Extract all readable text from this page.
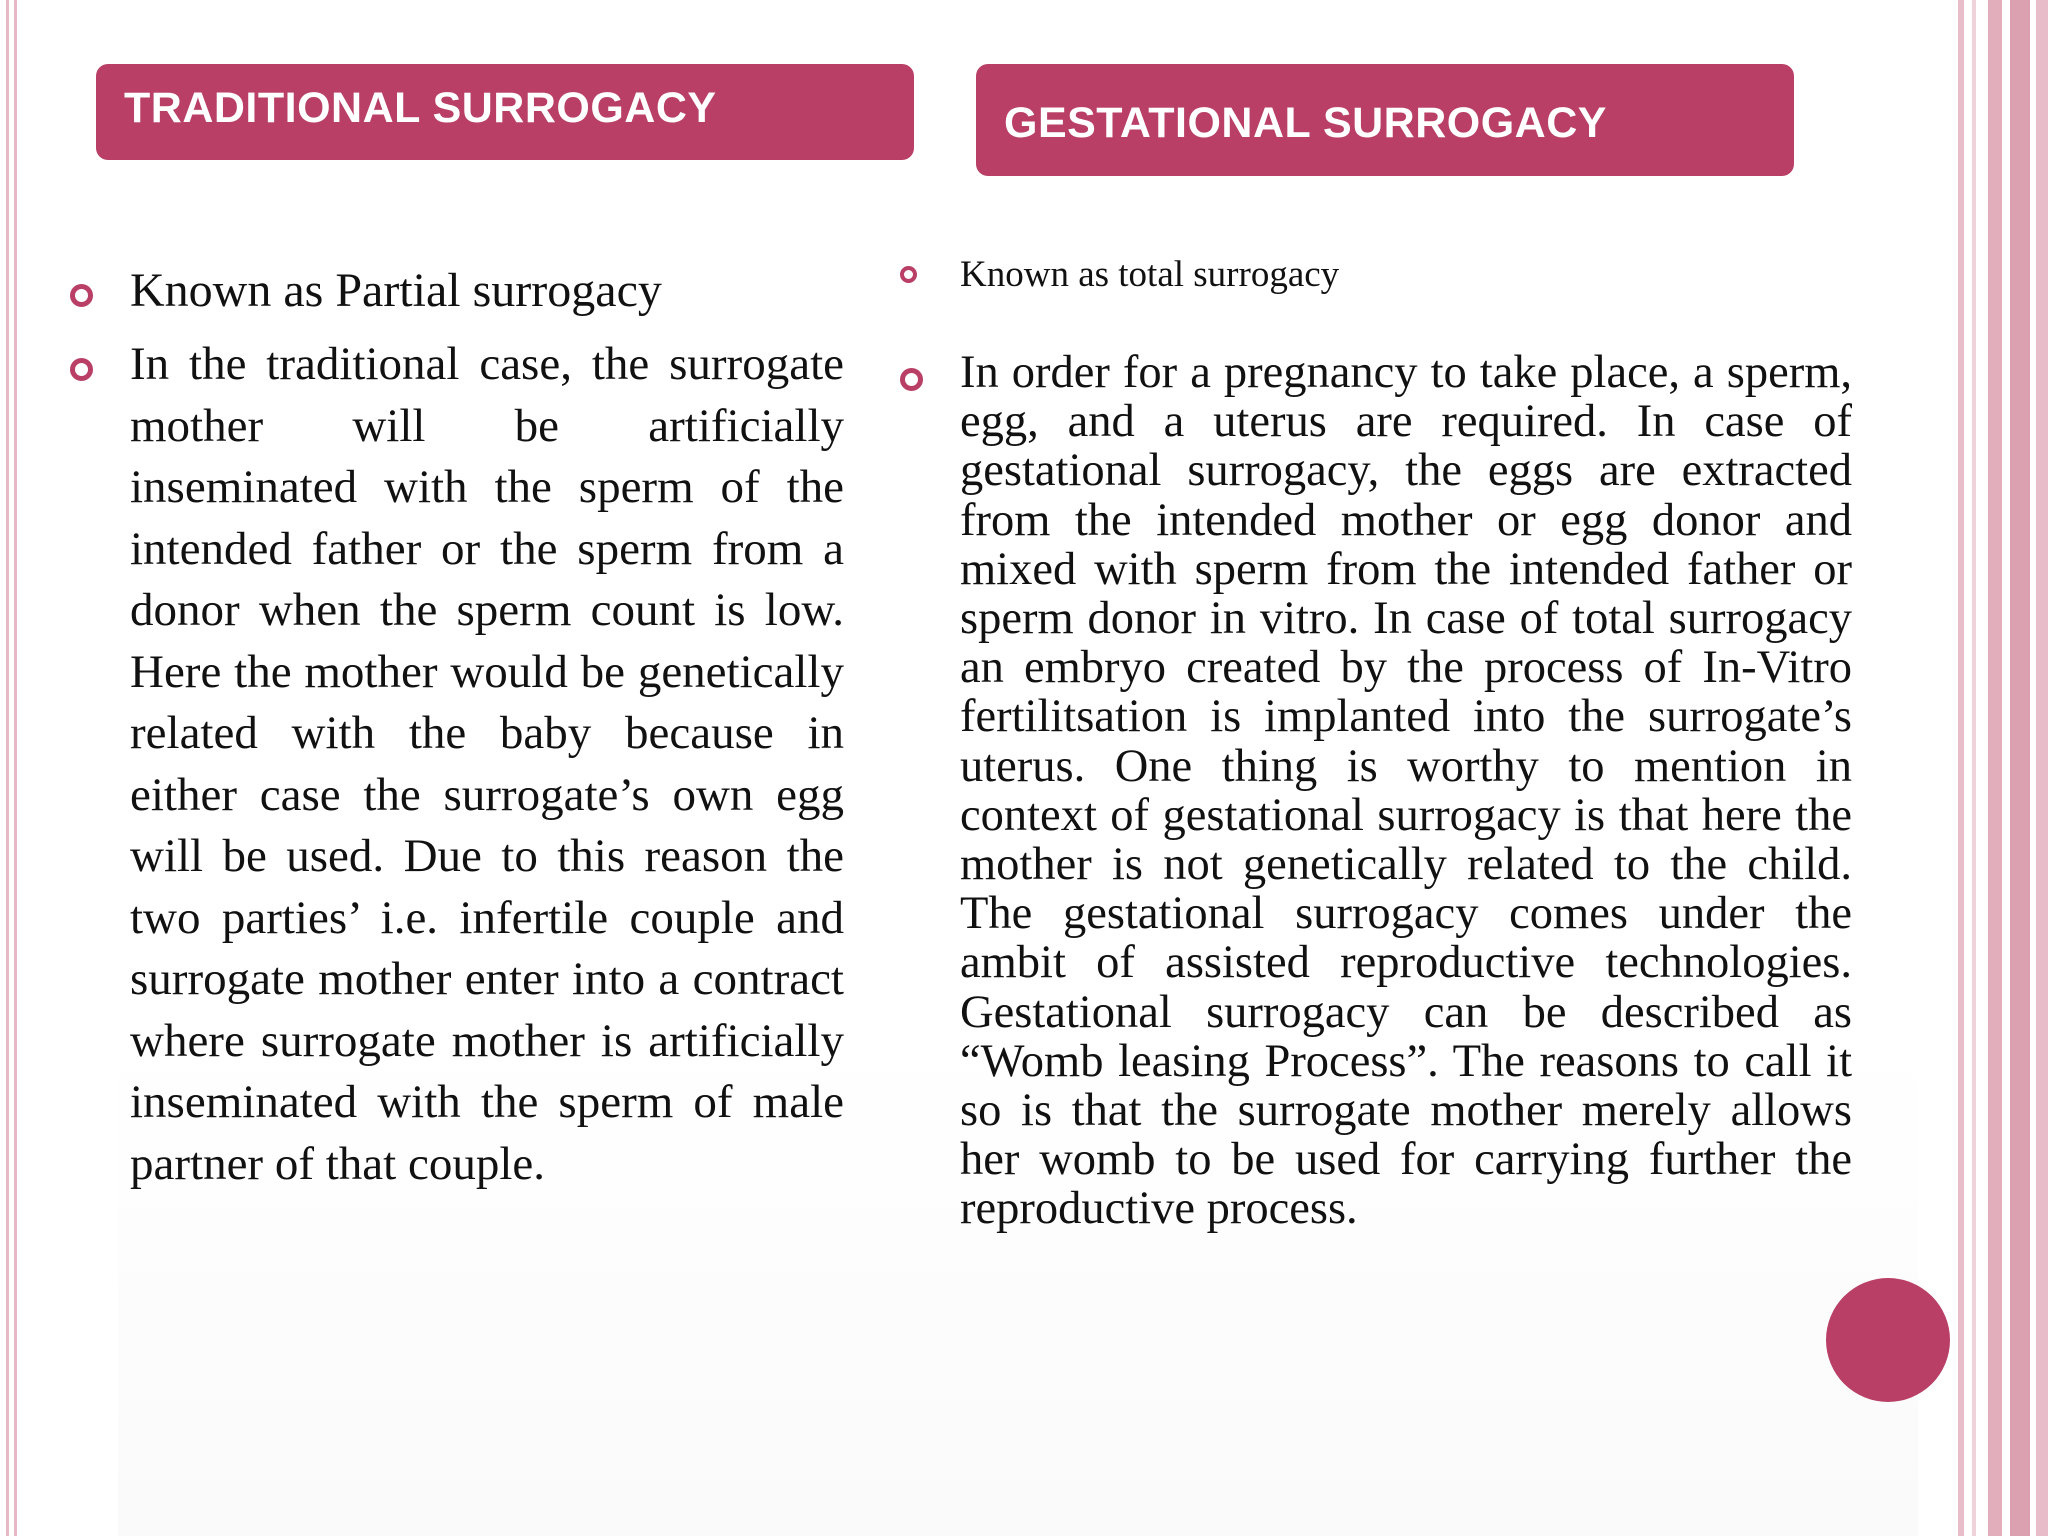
TRADITIONAL SURROGACY	GESTATIONAL SURROGACY
Known as Partial surrogacy
In the traditional case, the surrogate mother will be artificially inseminated with the sperm of the intended father or the sperm from a donor when the sperm count is low. Here the mother would be genetically related with the baby because in either case the surrogate’s own egg will be used. Due to this reason the two parties’ i.e. infertile couple and surrogate mother enter into a contract where surrogate mother is artificially inseminated with the sperm of male partner of that couple.
Known as total surrogacy
In order for a pregnancy to take place, a sperm, egg, and a uterus are required. In case of gestational surrogacy, the eggs are extracted from the intended mother or egg donor and mixed with sperm from the intended father or sperm donor in vitro. In case of total surrogacy an embryo created by the process of In-Vitro fertilitsation is implanted into the surrogate’s uterus. One thing is worthy to mention in context of gestational surrogacy is that here the mother is not genetically related to the child. The gestational surrogacy comes under the ambit of assisted reproductive technologies. Gestational surrogacy can be described as “Womb leasing Process”. The reasons to call it so is that the surrogate mother merely allows her womb to be used for carrying further the reproductive process.
